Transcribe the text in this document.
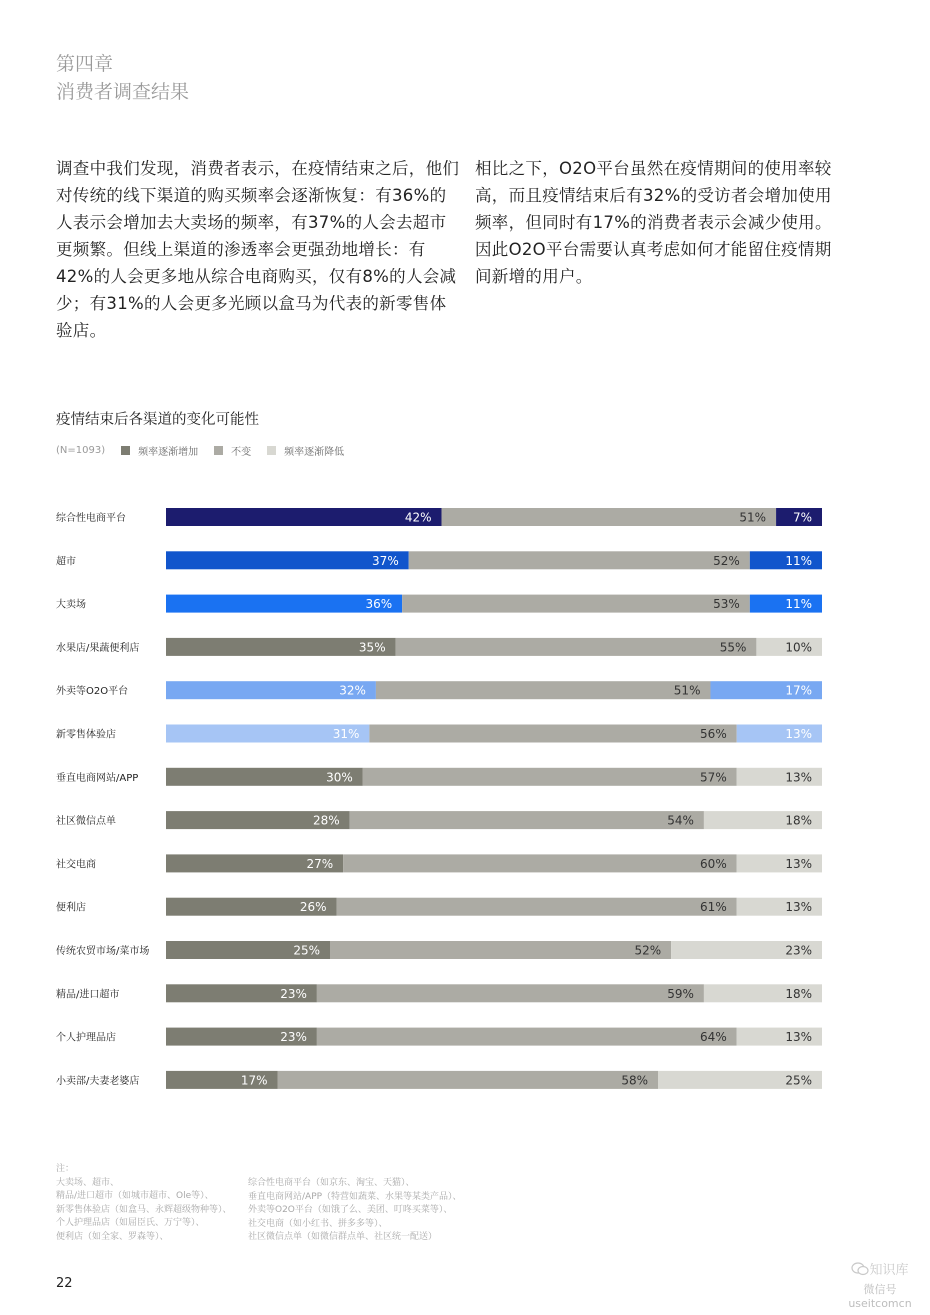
第四章
消费者调查结果
调查中我们发现，消费者表示，在疫情结束之后，他们对传统的线下渠道的购买频率会逐渐恢复：有36%的人表示会增加去大卖场的频率，有37%的人会去超市更频繁。但线上渠道的渗透率会更强劲地增长：有42%的人会更多地从综合电商购买，仅有8%的人会减少；有31%的人会更多光顾以盒马为代表的新零售体验店。
相比之下，O2O平台虽然在疫情期间的使用率较高，而且疫情结束后有32%的受访者会增加使用频率，但同时有17%的消费者表示会减少使用。因此O2O平台需要认真考虑如何才能留住疫情期间新增的用户。
疫情结束后各渠道的变化可能性
(N=1093)	频率逐渐增加	不变	频率逐渐降低
综合性电商平台	42%	51% 7%
超市	37%	52%	11%
大卖场	36%	53%	11%
水果店/果蔬便利店	35%	55%	10%
外卖等O2O平台	32%	51%	17%
新零售体验店	31%	56%	13%
垂直电商网站/APP	30%	57%	13%
社区微信点单	28%	54%	18%
社交电商	27%	60%	13%
便利店	26%	61%	13%
传统农贸市场/菜市场	25%	52%	23%
精品/进口超市	23%	59%	18%
个人护理品店	23%	64%	13%
小卖部/夫妻老婆店	17%	58%	25%
注：
大卖场、超市、
精品/进口超市（如城市超市、Ole等）、
新零售体验店（如盒马、永辉超级物种等）、
个人护理品店（如屈臣氏、万宁等）、
便利店（如全家、罗森等）、
综合性电商平台（如京东、淘宝、天猫）、
垂直电商网站/APP（特营如蔬菜、水果等某类产品）、
外卖等O2O平台（如饿了么、美团、叮咚买菜等）、
社交电商（如小红书、拼多多等）、
社区微信点单（如微信群点单、社区统一配送）
22
知识库
微信号 useitcomcn
